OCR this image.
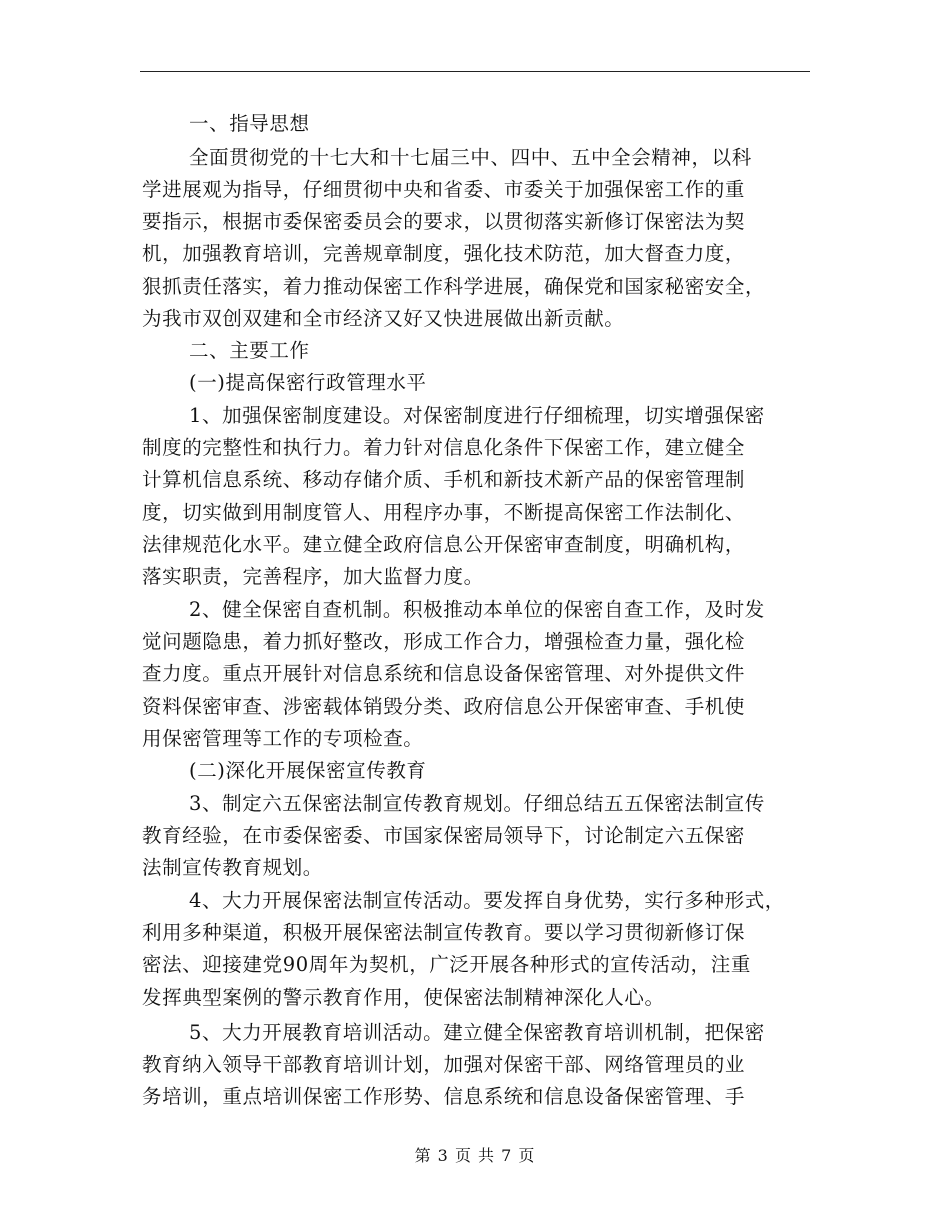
一、指导思想
全面贯彻党的十七大和十七届三中、四中、五中全会精神，以科
学进展观为指导，仔细贯彻中央和省委、市委关于加强保密工作的重
要指示，根据市委保密委员会的要求，以贯彻落实新修订保密法为契
机，加强教育培训，完善规章制度，强化技术防范，加大督查力度，
狠抓责任落实，着力推动保密工作科学进展，确保党和国家秘密安全，
为我市双创双建和全市经济又好又快进展做出新贡献。
二、主要工作
(一)提高保密行政管理水平
1、加强保密制度建设。对保密制度进行仔细梳理，切实增强保密
制度的完整性和执行力。着力针对信息化条件下保密工作，建立健全
计算机信息系统、移动存储介质、手机和新技术新产品的保密管理制
度，切实做到用制度管人、用程序办事，不断提高保密工作法制化、
法律规范化水平。建立健全政府信息公开保密审查制度，明确机构，
落实职责，完善程序，加大监督力度。
2、健全保密自查机制。积极推动本单位的保密自查工作，及时发
觉问题隐患，着力抓好整改，形成工作合力，增强检查力量，强化检
查力度。重点开展针对信息系统和信息设备保密管理、对外提供文件
资料保密审查、涉密载体销毁分类、政府信息公开保密审查、手机使
用保密管理等工作的专项检查。
(二)深化开展保密宣传教育
3、制定六五保密法制宣传教育规划。仔细总结五五保密法制宣传
教育经验，在市委保密委、市国家保密局领导下，讨论制定六五保密
法制宣传教育规划。
4、大力开展保密法制宣传活动。要发挥自身优势，实行多种形式，
利用多种渠道，积极开展保密法制宣传教育。要以学习贯彻新修订保
密法、迎接建党90周年为契机，广泛开展各种形式的宣传活动，注重
发挥典型案例的警示教育作用，使保密法制精神深化人心。
5、大力开展教育培训活动。建立健全保密教育培训机制，把保密
教育纳入领导干部教育培训计划，加强对保密干部、网络管理员的业
务培训，重点培训保密工作形势、信息系统和信息设备保密管理、手
第 3 页 共 7 页
